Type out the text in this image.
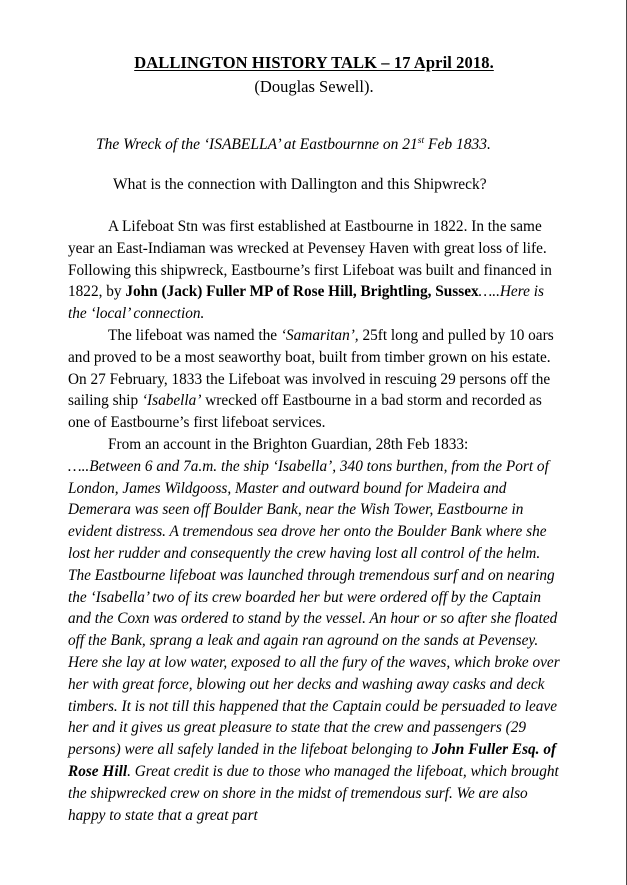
DALLINGTON HISTORY TALK – 17 April 2018.

(Douglas Sewell).

The Wreck of the ‘ISABELLA’ at Eastbournne on 21st Feb 1833.

What is the connection with Dallington and this Shipwreck?

A Lifeboat Stn was first established at Eastbourne in 1822. In the same year an East-Indiaman was wrecked at Pevensey Haven with great loss of life. Following this shipwreck, Eastbourne’s first Lifeboat was built and financed in 1822, by John (Jack) Fuller MP of Rose Hill, Brightling, Sussex…..Here is the ‘local’ connection.

The lifeboat was named the ‘Samaritan’, 25ft long and pulled by 10 oars and proved to be a most seaworthy boat, built from timber grown on his estate. On 27 February, 1833 the Lifeboat was involved in rescuing 29 persons off the sailing ship ‘Isabella’ wrecked off Eastbourne in a bad storm and recorded as one of Eastbourne’s first lifeboat services.

From an account in the Brighton Guardian, 28th Feb 1833:

…..Between 6 and 7a.m. the ship ‘Isabella’, 340 tons burthen, from the Port of London, James Wildgooss, Master and outward bound for Madeira and Demerara was seen off Boulder Bank, near the Wish Tower, Eastbourne in evident distress. A tremendous sea drove her onto the Boulder Bank where she lost her rudder and consequently the crew having lost all control of the helm. The Eastbourne lifeboat was launched through tremendous surf and on nearing the ‘Isabella’ two of its crew boarded her but were ordered off by the Captain and the Coxn was ordered to stand by the vessel. An hour or so after she floated off the Bank, sprang a leak and again ran aground on the sands at Pevensey. Here she lay at low water, exposed to all the fury of the waves, which broke over her with great force, blowing out her decks and washing away casks and deck timbers. It is not till this happened that the Captain could be persuaded to leave her and it gives us great pleasure to state that the crew and passengers (29 persons) were all safely landed in the lifeboat belonging to John Fuller Esq. of Rose Hill. Great credit is due to those who managed the lifeboat, which brought the shipwrecked crew on shore in the midst of tremendous surf. We are also happy to state that a great part
